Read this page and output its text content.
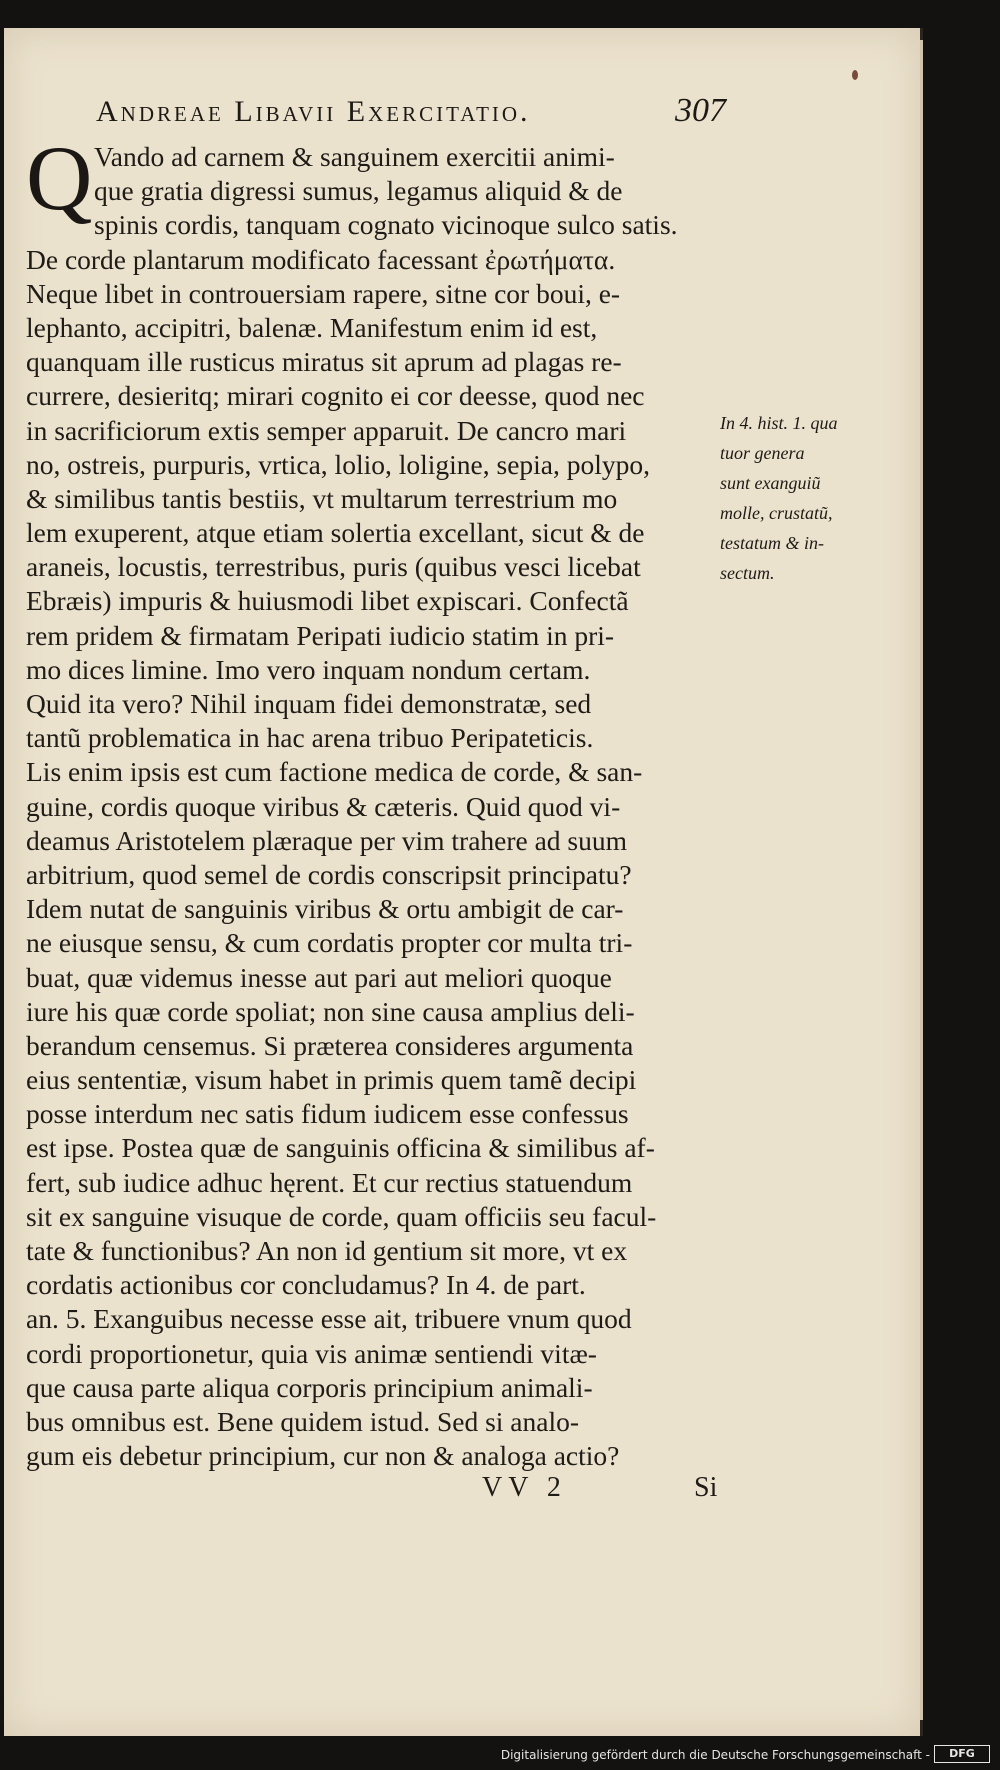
Andreae Libavii Exercitatio.	307
Q Vando ad carnem & sanguinem exercitii animi-
que gratia digressi sumus, legamus aliquid & de
spinis cordis, tanquam cognato vicinoque sulco satis.
De corde plantarum modificato facessant ἐρωτήματα.
Neque libet in controuersiam rapere, sitne cor boui, e-
lephanto, accipitri, balenæ. Manifestum enim id est,
quanquam ille rusticus miratus sit aprum ad plagas re-
currere, desieritq; mirari cognito ei cor deesse, quod nec
in sacrificiorum extis semper apparuit. De cancro mari
no, ostreis, purpuris, vrtica, lolio, loligine, sepia, polypo,
& similibus tantis bestiis, vt multarum terrestrium mo
lem exuperent, atque etiam solertia excellant, sicut & de
araneis, locustis, terrestribus, puris (quibus vesci licebat
Ebræis) impuris & huiusmodi libet expiscari. Confectã
rem pridem & firmatam Peripati iudicio statim in pri-
mo dices limine. Imo vero inquam nondum certam.
Quid ita vero? Nihil inquam fidei demonstratæ, sed
tantũ problematica in hac arena tribuo Peripateticis.
Lis enim ipsis est cum factione medica de corde, & san-
guine, cordis quoque viribus & cæteris. Quid quod vi-
deamus Aristotelem plæraque per vim trahere ad suum
arbitrium, quod semel de cordis conscripsit principatu?
Idem nutat de sanguinis viribus & ortu ambigit de car-
ne eiusque sensu, & cum cordatis propter cor multa tri-
buat, quæ videmus inesse aut pari aut meliori quoque
iure his quæ corde spoliat; non sine causa amplius deli-
berandum censemus. Si præterea consideres argumenta
eius sententiæ, visum habet in primis quem tamẽ decipi
posse interdum nec satis fidum iudicem esse confessus
est ipse. Postea quæ de sanguinis officina & similibus af-
fert, sub iudice adhuc hęrent. Et cur rectius statuendum
sit ex sanguine visuque de corde, quam officiis seu facul-
tate & functionibus? An non id gentium sit more, vt ex
cordatis actionibus cor concludamus? In 4. de part.
an. 5. Exanguibus necesse esse ait, tribuere vnum quod
cordi proportionetur, quia vis animæ sentiendi vitæ-
que causa parte aliqua corporis principium animali-
bus omnibus est. Bene quidem istud. Sed si analo-
gum eis debetur principium, cur non & analoga actio?
In 4. hist. 1. qua
tuor genera
sunt exanguiũ
molle, crustatũ,
testatum & in-
sectum.
VV 2	Si
Digitalisierung gefördert durch die Deutsche Forschungsgemeinschaft -	DFG
